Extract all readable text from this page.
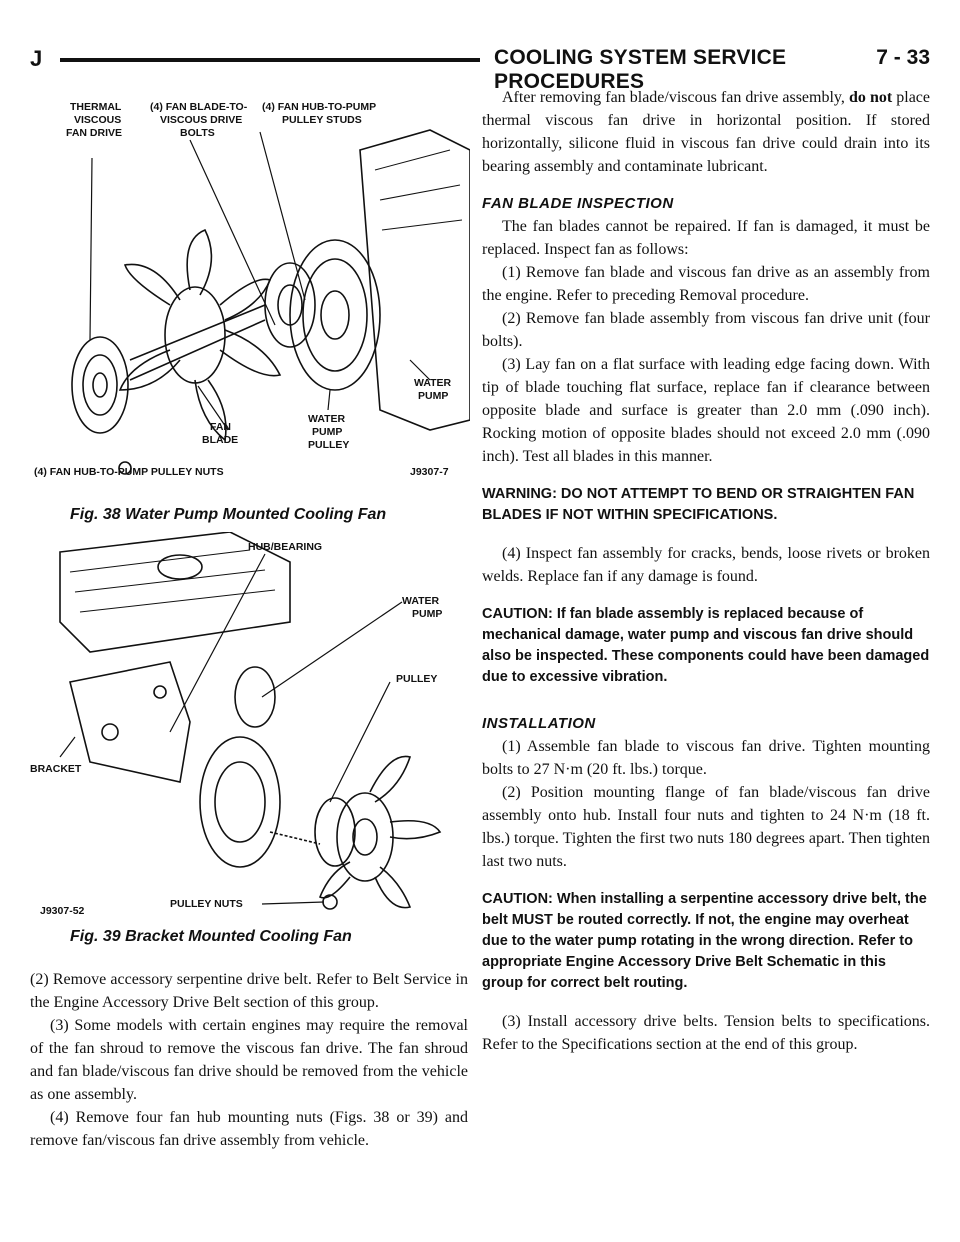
J	COOLING SYSTEM SERVICE PROCEDURES
7 - 33
THERMAL
VISCOUS
FAN DRIVE
(4) FAN BLADE-TO-
VISCOUS DRIVE
BOLTS
(4) FAN HUB-TO-PUMP
PULLEY STUDS
FAN
BLADE
WATER
PUMP
PULLEY
WATER
PUMP
(4) FAN HUB-TO-PUMP PULLEY NUTS	J9307-7
Fig. 38 Water Pump Mounted Cooling Fan
HUB/BEARING
WATER
PUMP
PULLEY
BRACKET
PULLEY NUTS
J9307-52
Fig. 39 Bracket Mounted Cooling Fan

(2) Remove accessory serpentine drive belt. Refer to Belt Service in the Engine Accessory Drive Belt section of this group.

(3) Some models with certain engines may require the removal of the fan shroud to remove the viscous fan drive. The fan shroud and fan blade/viscous fan drive should be removed from the vehicle as one assembly.

(4) Remove four fan hub mounting nuts (Figs. 38 or 39) and remove fan/viscous fan drive assembly from vehicle.

After removing fan blade/viscous fan drive assembly, do not place thermal viscous fan drive in horizontal position. If stored horizontally, silicone fluid in viscous fan drive could drain into its bearing assembly and contaminate lubricant.

FAN BLADE INSPECTION

The fan blades cannot be repaired. If fan is damaged, it must be replaced. Inspect fan as follows:

(1) Remove fan blade and viscous fan drive as an assembly from the engine. Refer to preceding Removal procedure.

(2) Remove fan blade assembly from viscous fan drive unit (four bolts).

(3) Lay fan on a flat surface with leading edge facing down. With tip of blade touching flat surface, replace fan if clearance between opposite blade and surface is greater than 2.0 mm (.090 inch). Rocking motion of opposite blades should not exceed 2.0 mm (.090 inch). Test all blades in this manner.

WARNING: DO NOT ATTEMPT TO BEND OR STRAIGHTEN FAN BLADES IF NOT WITHIN SPECIFICATIONS.

(4) Inspect fan assembly for cracks, bends, loose rivets or broken welds. Replace fan if any damage is found.

CAUTION: If fan blade assembly is replaced because of mechanical damage, water pump and viscous fan drive should also be inspected. These components could have been damaged due to excessive vibration.

INSTALLATION

(1) Assemble fan blade to viscous fan drive. Tighten mounting bolts to 27 N·m (20 ft. lbs.) torque.

(2) Position mounting flange of fan blade/viscous fan drive assembly onto hub. Install four nuts and tighten to 24 N·m (18 ft. lbs.) torque. Tighten the first two nuts 180 degrees apart. Then tighten last two nuts.

CAUTION: When installing a serpentine accessory drive belt, the belt MUST be routed correctly. If not, the engine may overheat due to the water pump rotating in the wrong direction. Refer to appropriate Engine Accessory Drive Belt Schematic in this group for correct belt routing.

(3) Install accessory drive belts. Tension belts to specifications. Refer to the Specifications section at the end of this group.
